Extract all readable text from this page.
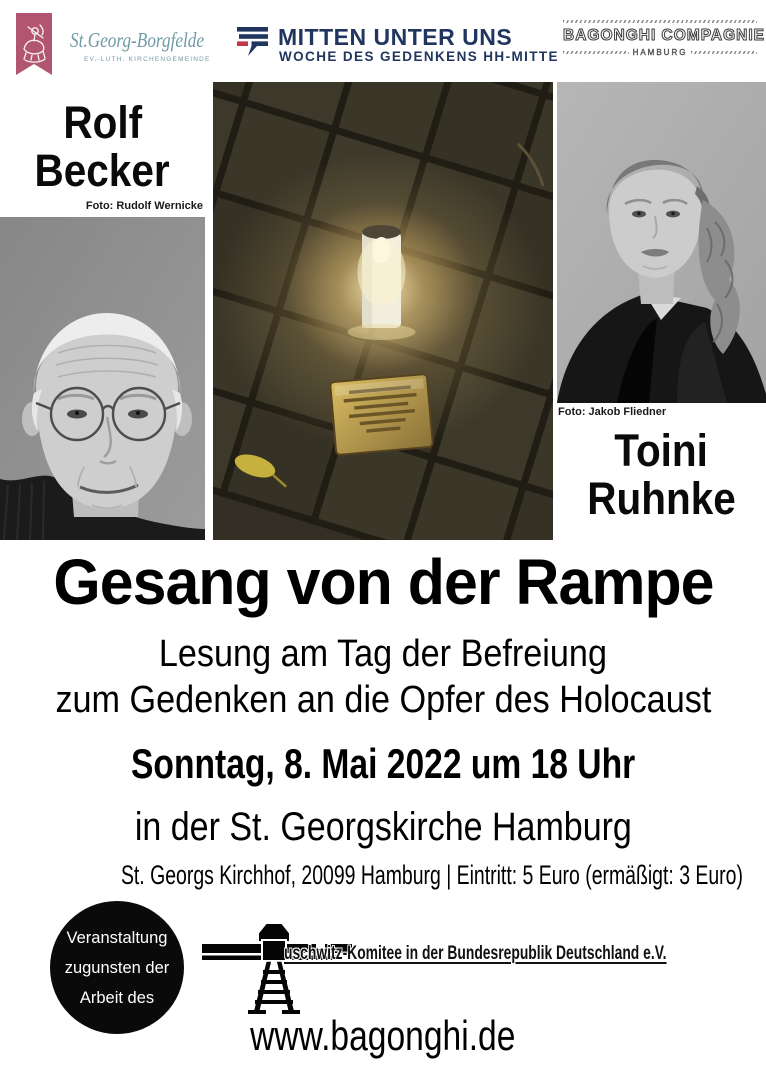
St.Georg-Borgfelde
EV.-LUTH. KIRCHENGEMEINDE
MITTEN UNTER UNS
WOCHE DES GEDENKENS HH-MITTE
BAGONGHI COMPAGNIE
HAMBURG
Rolf
Becker
Foto: Rudolf Wernicke
Foto: Jakob Fliedner
Toini
Ruhnke
Gesang von der Rampe
Lesung am Tag der Befreiung
zum Gedenken an die Opfer des Holocaust
Sonntag, 8. Mai 2022 um 18 Uhr
in der St. Georgskirche Hamburg
St. Georgs Kirchhof, 20099 Hamburg | Eintritt: 5 Euro (ermäßigt: 3 Euro)
Veranstaltung
zugunsten der
Arbeit des
uschwitz-Komitee in der Bundesrepublik Deutschland e.V.
www.bagonghi.de
